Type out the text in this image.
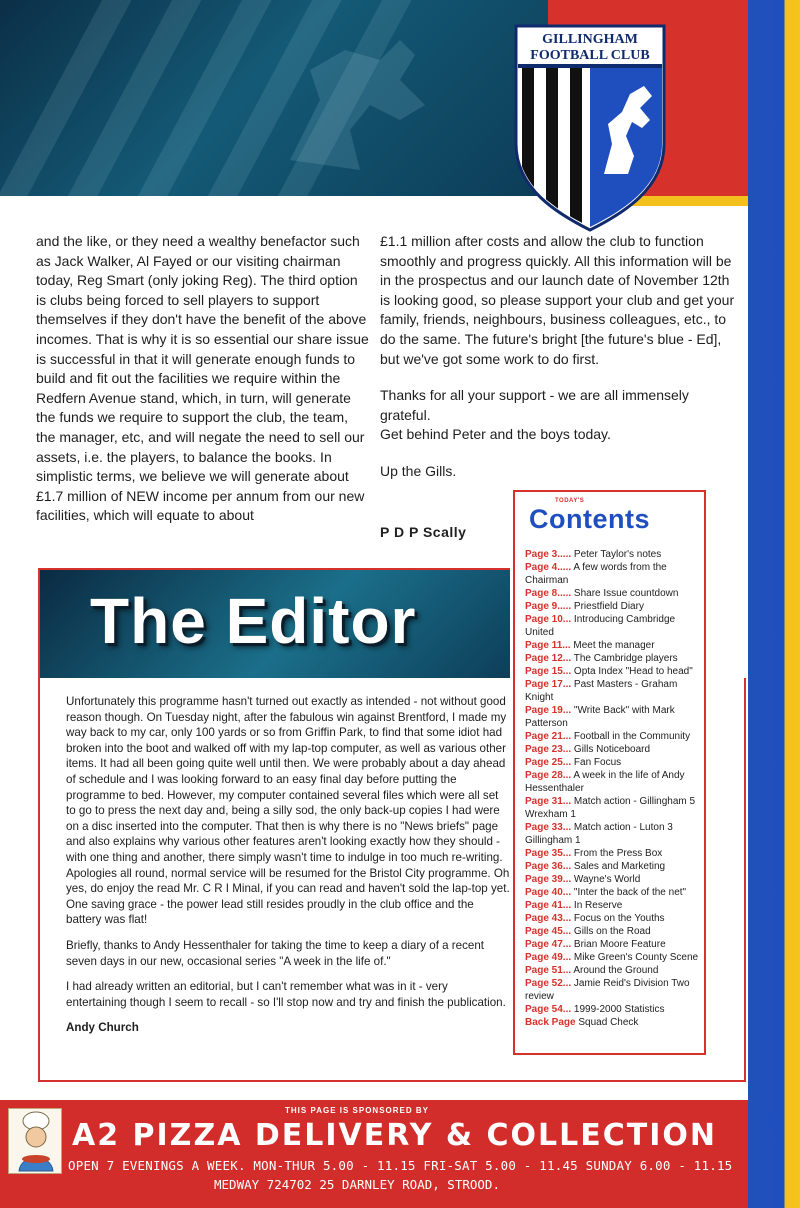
GILLINGHAM
FOOTBALL CLUB
and the like, or they need a wealthy benefactor such as Jack Walker, Al Fayed or our visiting chairman today, Reg Smart (only joking Reg). The third option is clubs being forced to sell players to support themselves if they don't have the benefit of the above incomes. That is why it is so essential our share issue is successful in that it will generate enough funds to build and fit out the facilities we require within the Redfern Avenue stand, which, in turn, will generate the funds we require to support the club, the team, the manager, etc, and will negate the need to sell our assets, i.e. the players, to balance the books. In simplistic terms, we believe we will generate about £1.7 million of NEW income per annum from our new facilities, which will equate to about

£1.1 million after costs and allow the club to function smoothly and progress quickly. All this information will be in the prospectus and our launch date of November 12th is looking good, so please support your club and get your family, friends, neighbours, business colleagues, etc., to do the same. The future's bright [the future's blue - Ed], but we've got some work to do first.

Thanks for all your support - we are all immensely grateful.
Get behind Peter and the boys today.

Up the Gills.

P D P Scally
The Editor

Unfortunately this programme hasn't turned out exactly as intended - not without good reason though. On Tuesday night, after the fabulous win against Brentford, I made my way back to my car, only 100 yards or so from Griffin Park, to find that some idiot had broken into the boot and walked off with my lap-top computer, as well as various other items. It had all been going quite well until then. We were probably about a day ahead of schedule and I was looking forward to an easy final day before putting the programme to bed. However, my computer contained several files which were all set to go to press the next day and, being a silly sod, the only back-up copies I had were on a disc inserted into the computer. That then is why there is no "News briefs" page and also explains why various other features aren't looking exactly how they should - with one thing and another, there simply wasn't time to indulge in too much re-writing. Apologies all round, normal service will be resumed for the Bristol City programme. Oh yes, do enjoy the read Mr. C R I Minal, if you can read and haven't sold the lap-top yet. One saving grace - the power lead still resides proudly in the club office and the battery was flat!

Briefly, thanks to Andy Hessenthaler for taking the time to keep a diary of a recent seven days in our new, occasional series "A week in the life of."

I had already written an editorial, but I can't remember what was in it - very entertaining though I seem to recall - so I'll stop now and try and finish the publication.

Andy Church

TODAY'S
Contents
Page 3..... Peter Taylor's notes
Page 4..... A few words from the Chairman
Page 8..... Share Issue countdown
Page 9..... Priestfield Diary
Page 10... Introducing Cambridge United
Page 11... Meet the manager
Page 12... The Cambridge players
Page 15... Opta Index "Head to head"
Page 17... Past Masters - Graham Knight
Page 19... "Write Back" with Mark Patterson
Page 21... Football in the Community
Page 23... Gills Noticeboard
Page 25... Fan Focus
Page 28... A week in the life of Andy Hessenthaler
Page 31... Match action - Gillingham 5 Wrexham 1
Page 33... Match action - Luton 3 Gillingham 1
Page 35... From the Press Box
Page 36... Sales and Marketing
Page 39... Wayne's World
Page 40... "Inter the back of the net"
Page 41... In Reserve
Page 43... Focus on the Youths
Page 45... Gills on the Road
Page 47... Brian Moore Feature
Page 49... Mike Green's County Scene
Page 51... Around the Ground
Page 52... Jamie Reid's Division Two review
Page 54... 1999-2000 Statistics
Back Page Squad Check
THIS PAGE IS SPONSORED BY
A2 PIZZA DELIVERY & COLLECTION
OPEN 7 EVENINGS A WEEK. MON-THUR 5.00 - 11.15 FRI-SAT 5.00 - 11.45 SUNDAY 6.00 - 11.15
MEDWAY 724702 25 DARNLEY ROAD, STROOD.
5
